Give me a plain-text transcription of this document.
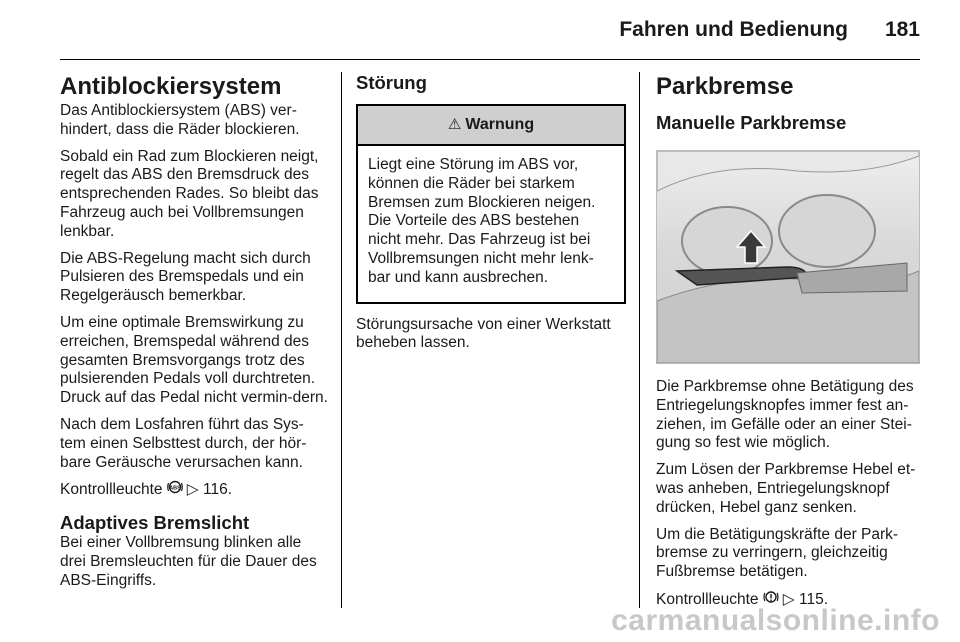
Fahren und Bedienung 181
Antiblockiersystem

Das Antiblockiersystem (ABS) ver-hindert, dass die Räder blockieren.

Sobald ein Rad zum Blockieren neigt, regelt das ABS den Bremsdruck des entsprechenden Rades. So bleibt das Fahrzeug auch bei Vollbremsungen lenkbar.

Die ABS-Regelung macht sich durch Pulsieren des Bremspedals und ein Regelgeräusch bemerkbar.

Um eine optimale Bremswirkung zu erreichen, Bremspedal während des gesamten Bremsvorgangs trotz des pulsierenden Pedals voll durchtreten. Druck auf das Pedal nicht vermin-dern.

Nach dem Losfahren führt das Sys-tem einen Selbsttest durch, der hör-bare Geräusche verursachen kann.

Kontrollleuchte ABS ▷ 116.

Adaptives Bremslicht

Bei einer Vollbremsung blinken alle drei Bremsleuchten für die Dauer des ABS-Eingriffs.

Störung
⚠ Warnung

Liegt eine Störung im ABS vor, können die Räder bei starkem Bremsen zum Blockieren neigen. Die Vorteile des ABS bestehen nicht mehr. Das Fahrzeug ist bei Vollbremsungen nicht mehr lenk-bar und kann ausbrechen.

Störungsursache von einer Werkstatt beheben lassen.

Parkbremse
Manuelle Parkbremse

Die Parkbremse ohne Betätigung des Entriegelungsknopfes immer fest an-ziehen, im Gefälle oder an einer Stei-gung so fest wie möglich.

Zum Lösen der Parkbremse Hebel et-was anheben, Entriegelungsknopf drücken, Hebel ganz senken.

Um die Betätigungskräfte der Park-bremse zu verringern, gleichzeitig Fußbremse betätigen.

Kontrollleuchte ▷ 115.

carmanualsonline.info
